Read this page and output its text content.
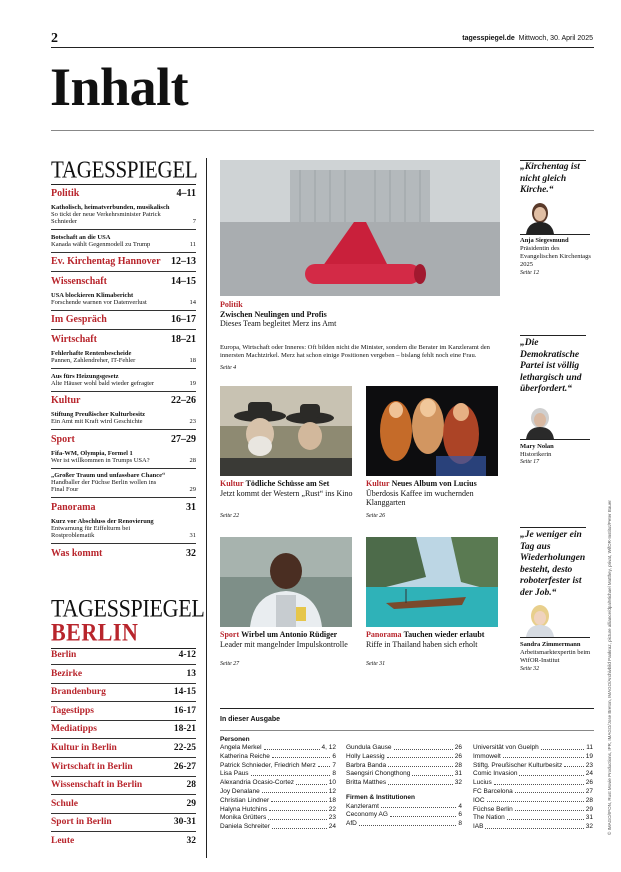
2	tagesspiegel.de Mittwoch, 30. April 2025
Inhalt
TAGESSPIEGEL
Politik	4–11
Katholisch, heimatverbunden, musikalisch
So tickt der neue Verkehrsminister Patrick Schnieder	7
Botschaft an die USA
Kanada wählt Gegenmodell zu Trump	11
Ev. Kirchentag Hannover 12–13
Wissenschaft	14–15
USA blockieren Klimabericht
Forschende warnen vor Datenverlust	14
Im Gespräch	16–17
Wirtschaft	18–21
Fehlerhafte Rentenbescheide
Pannen, Zahlendreher, IT-Fehler	18
Aus fürs Heizungsgesetz
Alte Häuser wohl bald wieder gefragter	19
Kultur	22–26
Stiftung Preußischer Kulturbesitz
Ein Amt mit Kraft wird Geschichte	23
Sport	27–29
Fifa-WM, Olympia, Formel 1
Wer ist willkommen in Trumps USA?	28
„Großer Traum und unfassbare Chance“
Handballer der Füchse Berlin wollen ins Final Four	29
Panorama	31
Kurz vor Abschluss der Renovierung
Entwarnung für Eiffelturm bei Rostproblematik	31
Was kommt	32
TAGESSPIEGEL
BERLIN
Berlin	4-12
Bezirke	13
Brandenburg	14-15
Tagestipps	16-17
Mediatipps	18-21
Kultur in Berlin	22-25
Wirtschaft in Berlin	26-27
Wissenschaft in Berlin	28
Schule	29
Sport in Berlin	30-31
Leute	32
Politik
Zwischen Neulingen und Profis
Dieses Team begleitet Merz ins Amt
Europa, Wirtschaft oder Inneres: Oft bilden nicht die Minister, sondern die Berater im Kanzleramt den innersten Machtzirkel. Merz hat schon einige Positionen vergeben – bislang fehlt noch eine Frau.
Seite 4
Kultur Tödliche Schüsse am Set
Jetzt kommt der Western „Rust“ ins Kino
Seite 22
Kultur Neues Album von Lucius
Überdosis Kaffee im wuchernden Klanggarten
Seite 26
Sport Wirbel um Antonio Rüdiger
Leader mit mangelnder Impulskontrolle
Seite 27
Panorama Tauchen wieder erlaubt
Riffe in Thailand haben sich erholt
Seite 31
„Kirchentag ist nicht gleich Kirche.“
Anja Siegesmund
Präsidentin des Evangelischen Kirchentags 2025
Seite 12
„Die Demokratische Partei ist völlig lethargisch und überfordert.“
Mary Nolan
Historikerin
Seite 17
„Je weniger ein Tag aus Wiederholungen besteht, desto roboterfester ist der Job.“
Sandra Zimmermann
Arbeitsmarktexpertin beim WifOR-Institut
Seite 32
In dieser Ausgabe
Personen
Angela Merkel	4, 12
Katherina Reiche	6
Patrick Schnieder, Friedrich Merz	7
Lisa Paus	8
Alexandria Ocasio-Cortez	10
Joy Denalane	12
Christian Lindner	18
Halyna Hutchins	22
Monika Grütters	23
Daniela Schreiter	24
Gundula Gause	26
Holly Laessig	26
Barbra Banda	28
Saengsiri Chongthong	31
Britta Matthes	32
Firmen & Institutionen
Kanzleramt	4
Ceconomy AG	6
AfD	8
Universität von Guelph	11
Immowelt	19
Stiftg. Preußischer Kulturbesitz	23
Comic Invasion	24
Lucius	26
FC Barcelona	27
IOC	28
Füchse Berlin	29
The Nation	31
IAB	32	© IMAGO/IPON, Rust Movie Productions, IPR, IMAGO/Jose Breton, IMAGO/Archivbild Pankraz, picture alliance/dpa/Michael Matthey, privat, WifOR-Institut/Peter Bauer
